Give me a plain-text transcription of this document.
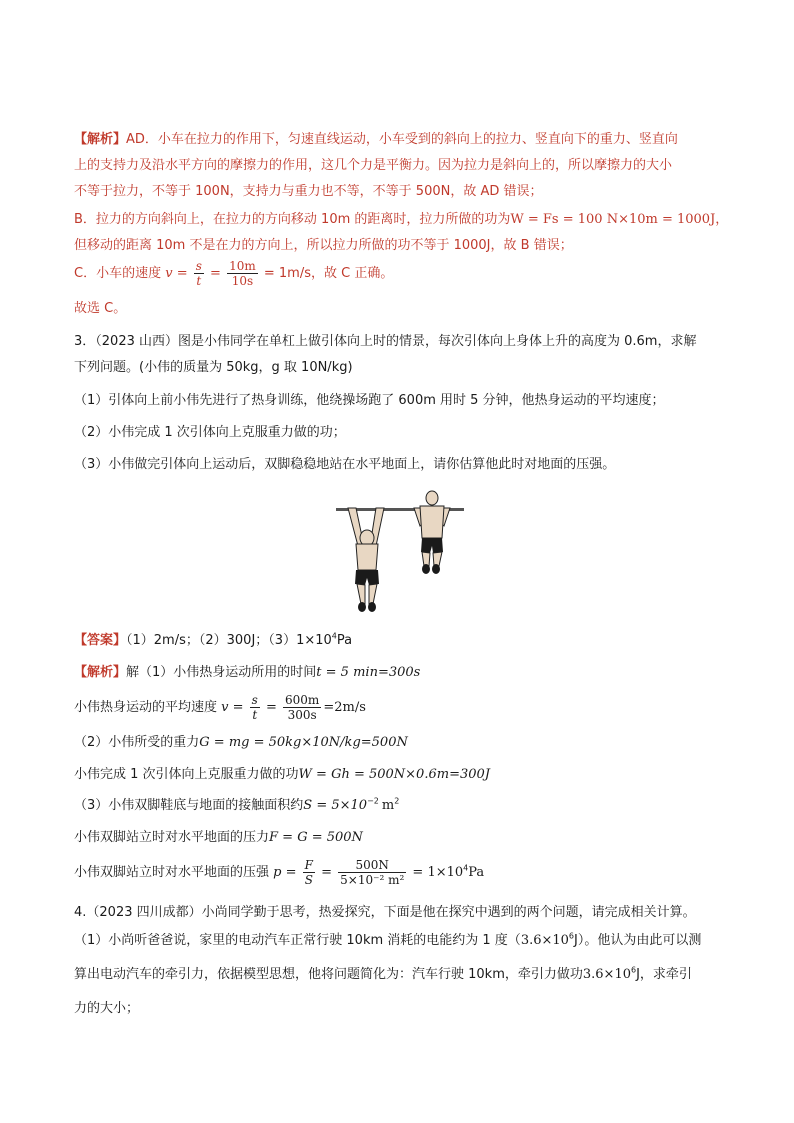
【解析】AD．小车在拉力的作用下，匀速直线运动，小车受到的斜向上的拉力、竖直向下的重力、竖直向
上的支持力及沿水平方向的摩擦力的作用，这几个力是平衡力。因为拉力是斜向上的，所以摩擦力的大小
不等于拉力，不等于 100N，支持力与重力也不等，不等于 500N，故 AD 错误；
B．拉力的方向斜向上，在拉力的方向移动 10m 的距离时，拉力所做的功为W = Fs = 100 N×10m = 1000J，
但移动的距离 10m 不是在力的方向上，所以拉力所做的功不等于 1000J，故 B 错误；
C．小车的速度 $v = \frac{s}{t} = \frac{10m}{10s} = 1m/s$，故 C 正确。
故选 C。
3．（2023 山西）图是小伟同学在单杠上做引体向上时的情景，每次引体向上身体上升的高度为 0.6m，求解
下列问题。(小伟的质量为 50kg，g 取 10N/kg)
（1）引体向上前小伟先进行了热身训练，他绕操场跑了 600m 用时 5 分钟，他热身运动的平均速度；
（2）小伟完成 1 次引体向上克服重力做的功；
（3）小伟做完引体向上运动后，双脚稳稳地站在水平地面上，请你估算他此时对地面的压强。
【答案】（1）2m/s；（2）300J；$(3)1\times 10^4Pa$
【解析】解（1）小伟热身运动所用的时间t = 5 min=300s
小伟热身运动的平均速度 $v = \frac{s}{t} = \frac{600m}{300s} =2m/s$
（2）小伟所受的重力G = mg = 50kg×10N/kg=500N
小伟完成 1 次引体向上克服重力做的功W = Gh = 500N×0.6m=300J
（3）小伟双脚鞋底与地面的接触面积约$S = 5\times 10^{-2}$ $m^2$
小伟双脚站立时对水平地面的压力F = G = 500N
小伟双脚站立时对水平地面的压强 $p = \frac{F}{S} = \frac{500N}{\text{5×10⁻² m²}} = 1\times 10^4Pa$
4.（2023 四川成都）小尚同学勤于思考，热爱探究，下面是他在探究中遇到的两个问题，请完成相关计算。
（1）小尚听爸爸说，家里的电动汽车正常行驶 10km 消耗的电能约为 1 度$(3.6\times 10^6J)$。他认为由此可以测
算出电动汽车的牵引力，依据模型思想，他将问题简化为：汽车行驶 10km，牵引力做功$3.6\times 10^6J$，求牵引
力的大小；
